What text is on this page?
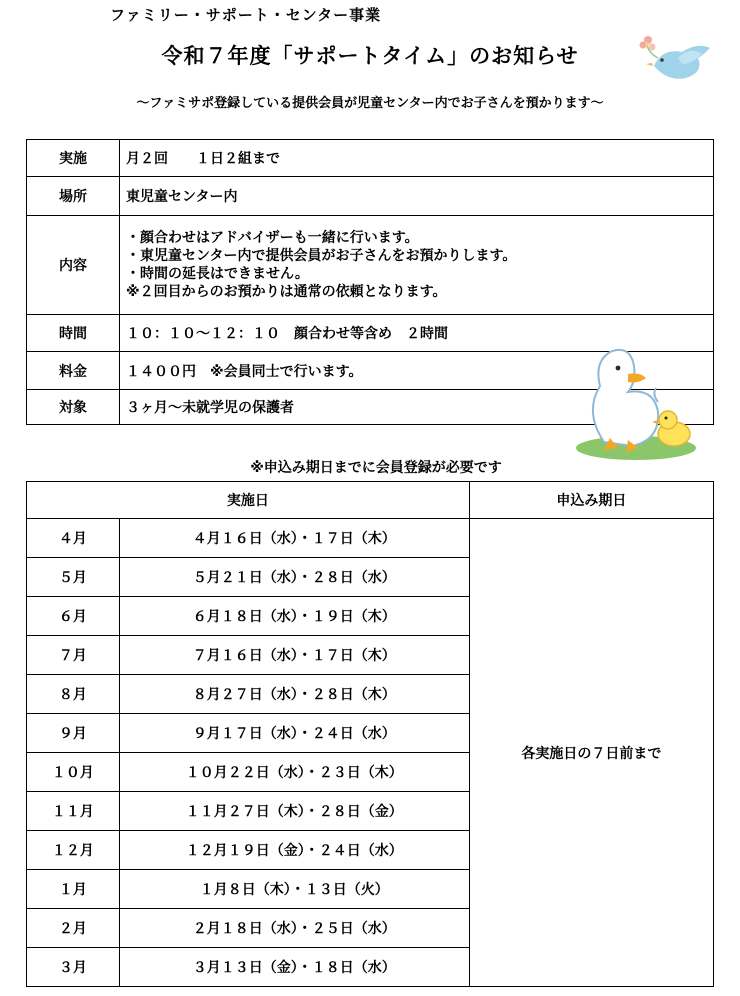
ファミリー・サポート・センター事業
令和７年度「サポートタイム」のお知らせ
～ファミサポ登録している提供会員が児童センター内でお子さんを預かります～
実施	月２回　　１日２組まで
場所	東児童センター内
内容	・顔合わせはアドバイザーも一緒に行います。
・東児童センター内で提供会員がお子さんをお預かりします。
・時間の延長はできません。
※２回目からのお預かりは通常の依頼となります。

時間	１０：１０～１２：１０　顔合わせ等含め　２時間
料金	１４００円　※会員同士で行います。
対象	３ヶ月～未就学児の保護者
※申込み期日までに会員登録が必要です
実施日		申込み期日
４月	４月１６日（水）・１７日（木）	各実施日の７日前まで
５月	５月２１日（水）・２８日（水）	
６月	６月１８日（水）・１９日（木）	
７月	７月１６日（水）・１７日（木）	
８月	８月２７日（水）・２８日（木）	
９月	９月１７日（水）・２４日（水）	
１０月	１０月２２日（水）・２３日（木）	
１１月	１１月２７日（木）・２８日（金）	
１２月	１２月１９日（金）・２４日（水）	
１月	１月８日（木）・１３日（火）	
２月	２月１８日（水）・２５日（水）	
３月	３月１３日（金）・１８日（水）	
